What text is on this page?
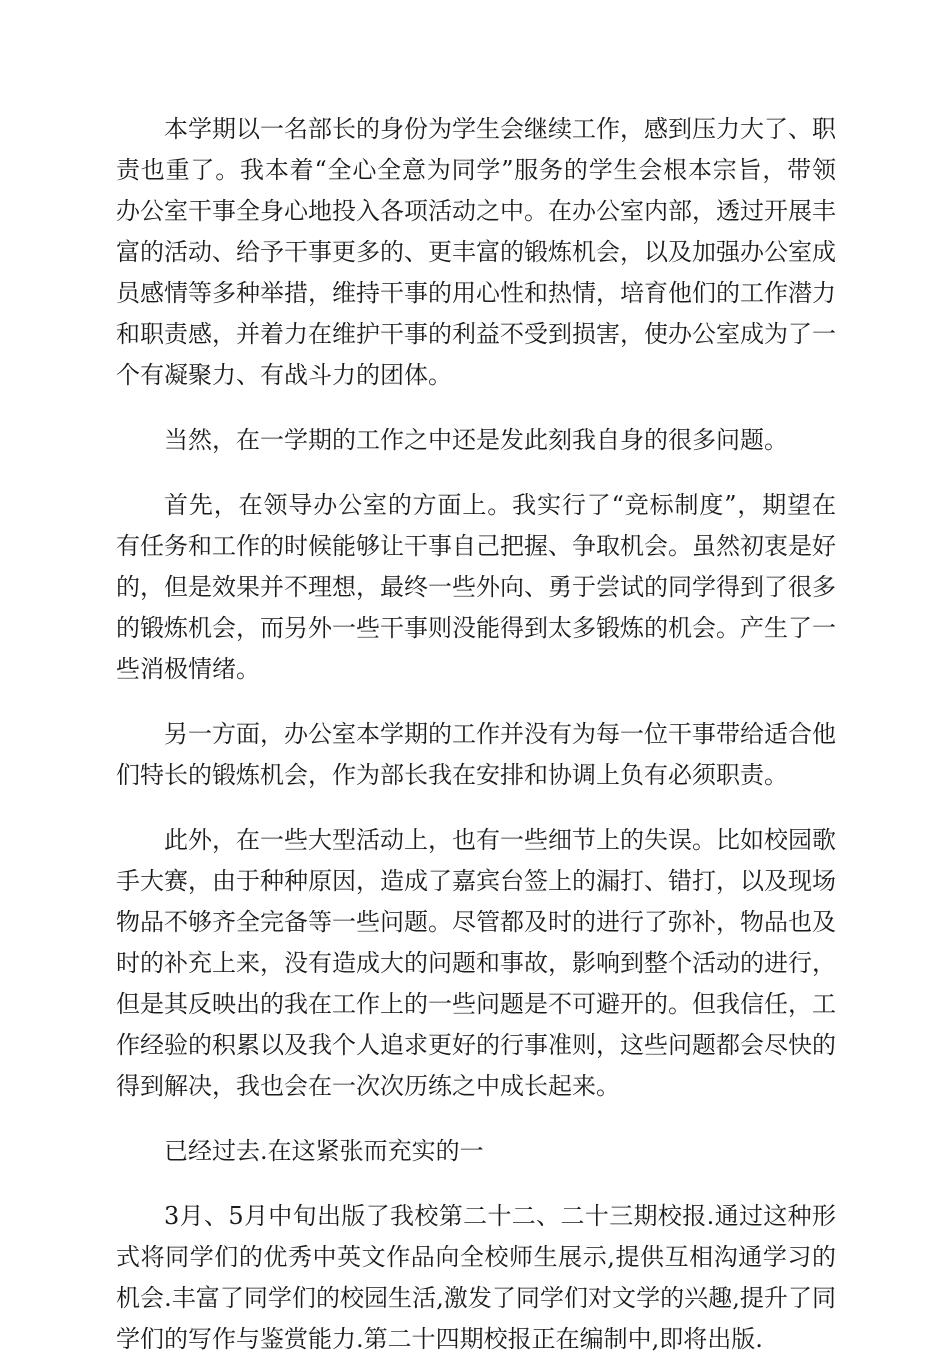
本学期以一名部长的身份为学生会继续工作，感到压力大了、职责也重了。我本着“全心全意为同学”服务的学生会根本宗旨，带领办公室干事全身心地投入各项活动之中。在办公室内部，透过开展丰富的活动、给予干事更多的、更丰富的锻炼机会，以及加强办公室成员感情等多种举措，维持干事的用心性和热情，培育他们的工作潜力和职责感，并着力在维护干事的利益不受到损害，使办公室成为了一个有凝聚力、有战斗力的团体。

当然，在一学期的工作之中还是发此刻我自身的很多问题。

首先，在领导办公室的方面上。我实行了“竞标制度”，期望在有任务和工作的时候能够让干事自己把握、争取机会。虽然初衷是好的，但是效果并不理想，最终一些外向、勇于尝试的同学得到了很多的锻炼机会，而另外一些干事则没能得到太多锻炼的机会。产生了一些消极情绪。

另一方面，办公室本学期的工作并没有为每一位干事带给适合他们特长的锻炼机会，作为部长我在安排和协调上负有必须职责。

此外，在一些大型活动上，也有一些细节上的失误。比如校园歌手大赛，由于种种原因，造成了嘉宾台签上的漏打、错打，以及现场物品不够齐全完备等一些问题。尽管都及时的进行了弥补，物品也及时的补充上来，没有造成大的问题和事故，影响到整个活动的进行，但是其反映出的我在工作上的一些问题是不可避开的。但我信任，工作经验的积累以及我个人追求更好的行事准则，这些问题都会尽快的得到解决，我也会在一次次历练之中成长起来。

已经过去.在这紧张而充实的一

3月、5月中旬出版了我校第二十二、二十三期校报.通过这种形式将同学们的优秀中英文作品向全校师生展示,提供互相沟通学习的机会.丰富了同学们的校园生活,激发了同学们对文学的兴趣,提升了同学们的写作与鉴赏能力.第二十四期校报正在编制中,即将出版.
